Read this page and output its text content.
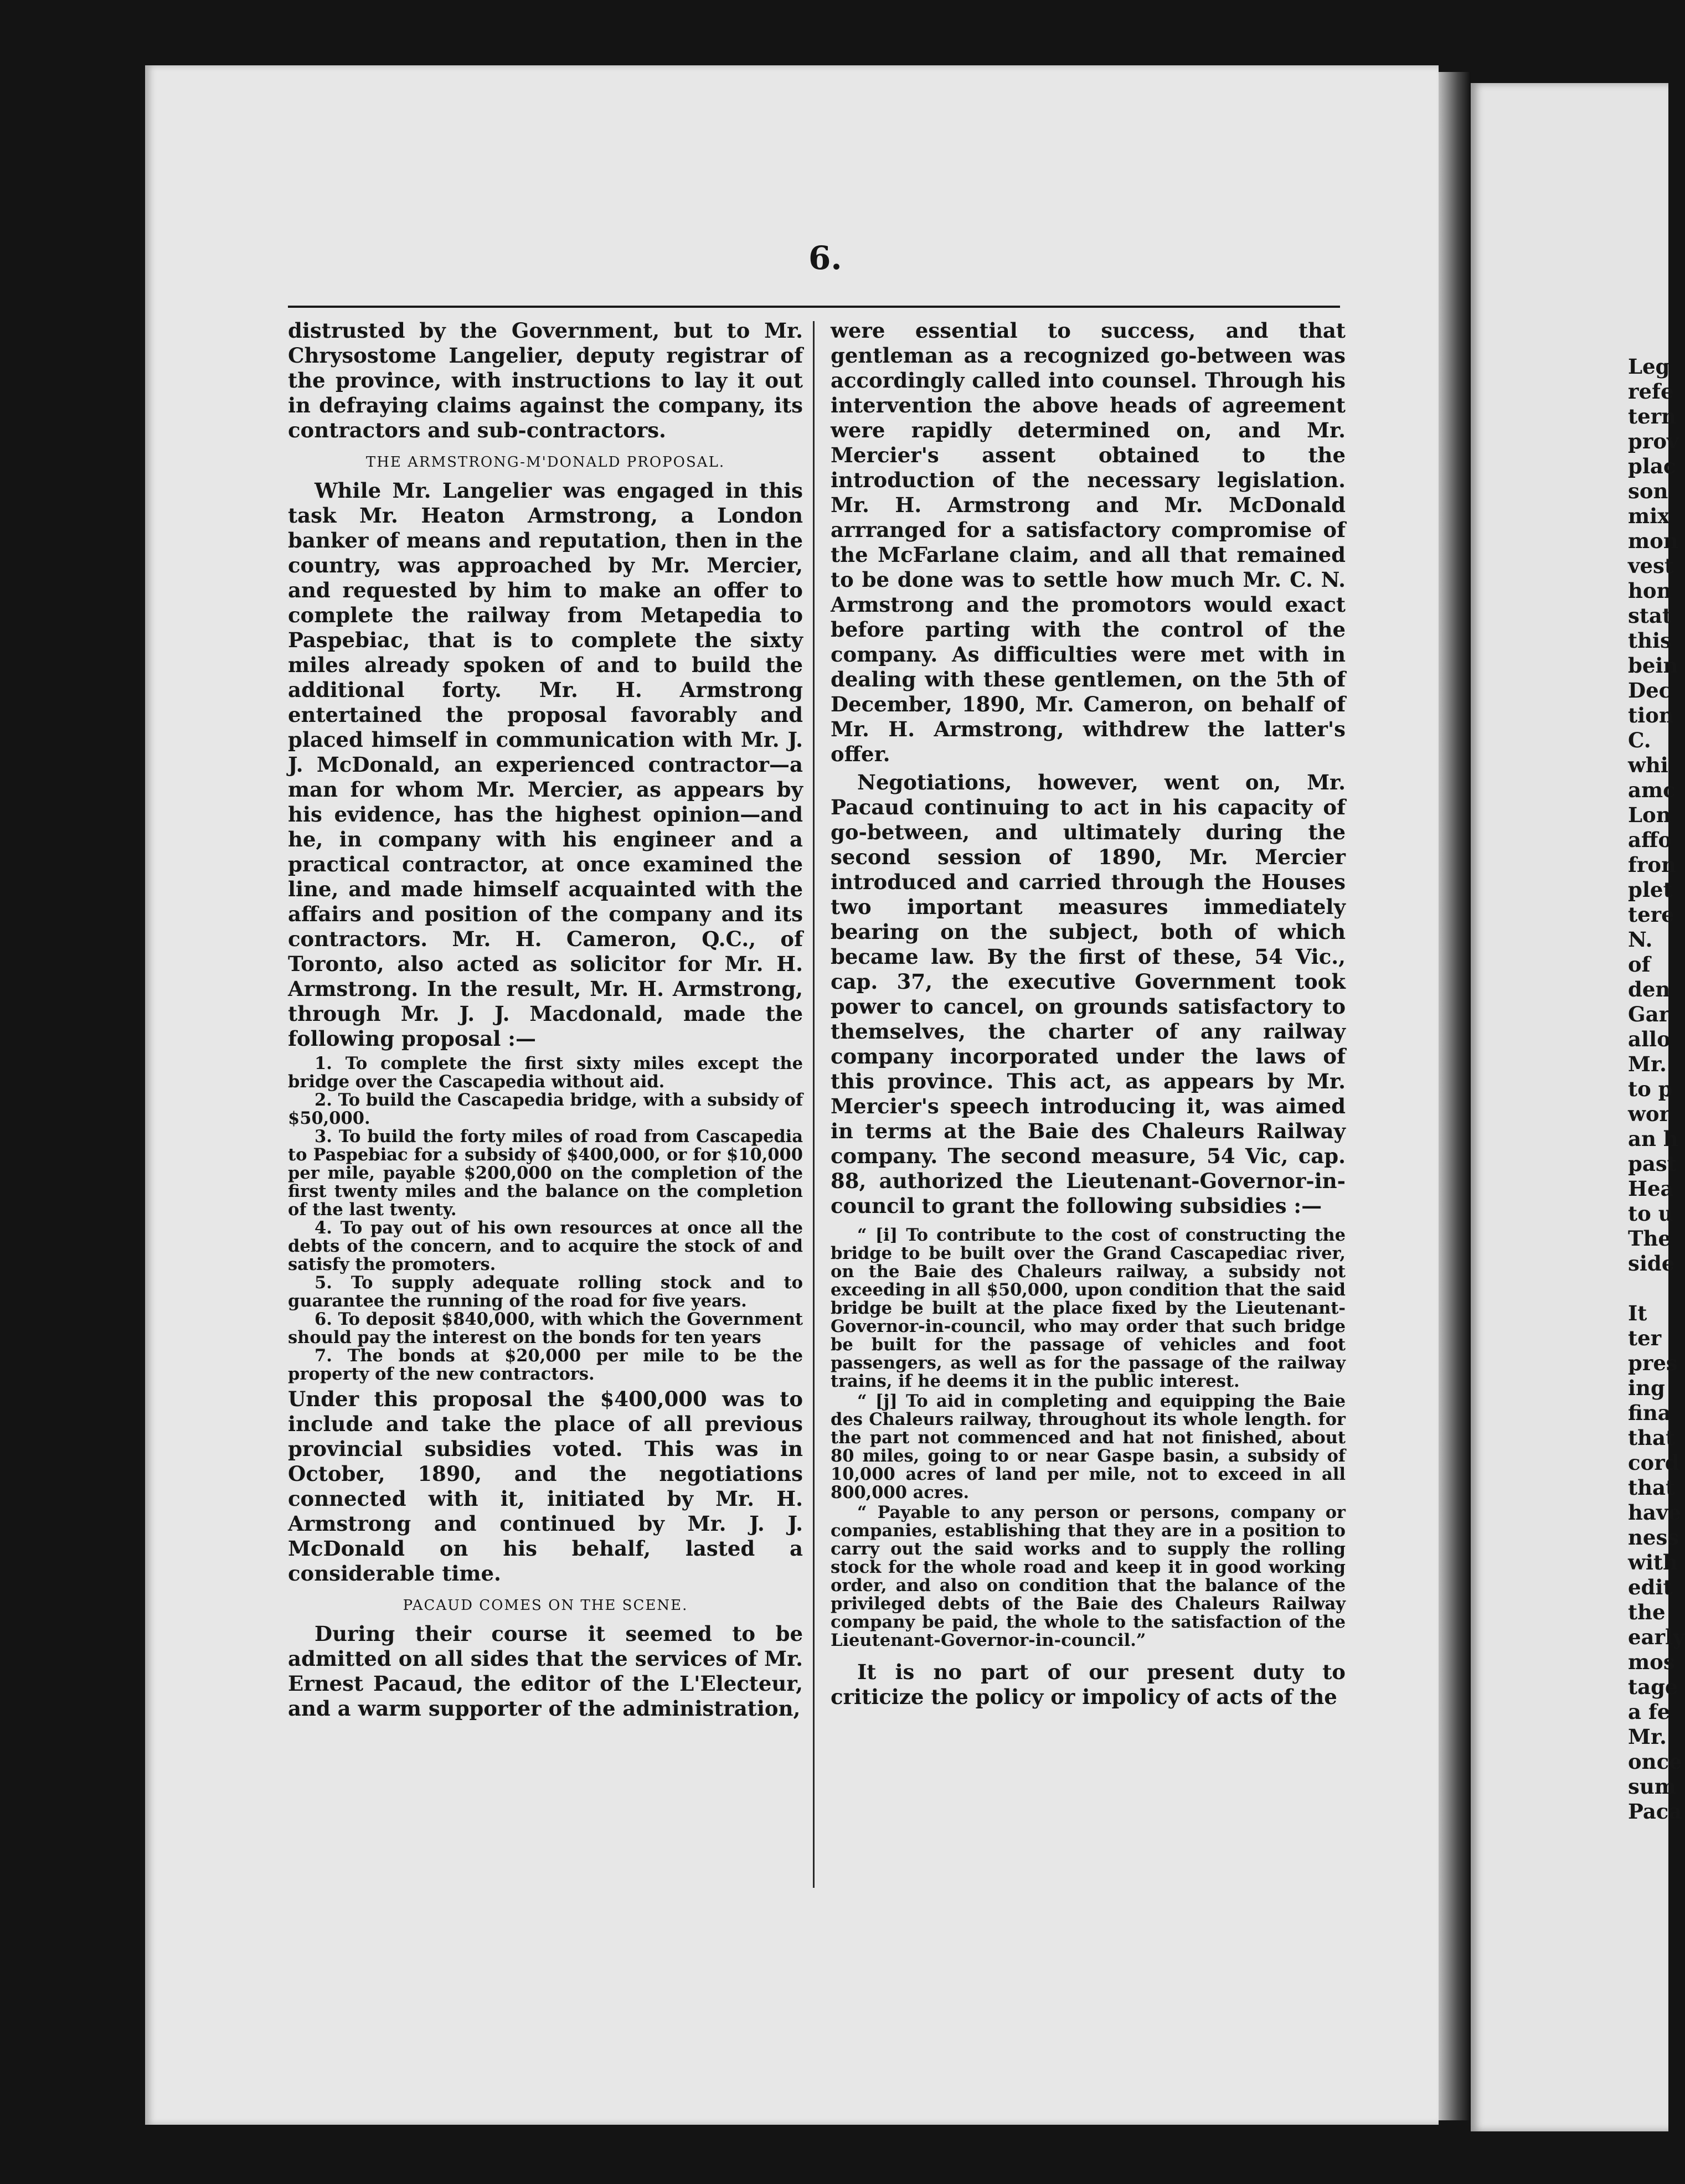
6.

distrusted by the Government, but to Mr. Chrysostome Langelier, deputy registrar of the province, with instructions to lay it out in defraying claims against the company, its contractors and sub-contractors.

THE ARMSTRONG-M'DONALD PROPOSAL.

While Mr. Langelier was engaged in this task Mr. Heaton Armstrong, a London banker of means and reputation, then in the country, was approached by Mr. Mercier, and requested by him to make an offer to complete the railway from Metapedia to Paspebiac, that is to complete the sixty miles already spoken of and to build the additional forty. Mr. H. Armstrong entertained the proposal favorably and placed himself in communication with Mr. J. J. McDonald, an experienced contractor—a man for whom Mr. Mercier, as appears by his evidence, has the highest opinion—and he, in company with his engineer and a practical contractor, at once examined the line, and made himself acquainted with the affairs and position of the company and its contractors. Mr. H. Cameron, Q.C., of Toronto, also acted as solicitor for Mr. H. Armstrong. In the result, Mr. H. Armstrong, through Mr. J. J. Macdonald, made the following proposal :—

1. To complete the first sixty miles except the bridge over the Cascapedia without aid.

2. To build the Cascapedia bridge, with a subsidy of $50,000.

3. To build the forty miles of road from Cascapedia to Paspebiac for a subsidy of $400,000, or for $10,000 per mile, payable $200,000 on the completion of the first twenty miles and the balance on the completion of the last twenty.

4. To pay out of his own resources at once all the debts of the concern, and to acquire the stock of and satisfy the promoters.

5. To supply adequate rolling stock and to guarantee the running of the road for five years.

6. To deposit $840,000, with which the Government should pay the interest on the bonds for ten years

7. The bonds at $20,000 per mile to be the property of the new contractors.

Under this proposal the $400,000 was to include and take the place of all previous provincial subsidies voted. This was in October, 1890, and the negotiations connected with it, initiated by Mr. H. Armstrong and continued by Mr. J. J. McDonald on his behalf, lasted a considerable time.

PACAUD COMES ON THE SCENE.

During their course it seemed to be admitted on all sides that the services of Mr. Ernest Pacaud, the editor of the L'Electeur, and a warm supporter of the administration,

were essential to success, and that gentleman as a recognized go-between was accordingly called into counsel. Through his intervention the above heads of agreement were rapidly determined on, and Mr. Mercier's assent obtained to the introduction of the necessary legislation. Mr. H. Armstrong and Mr. McDonald arrranged for a satisfactory compromise of the McFarlane claim, and all that remained to be done was to settle how much Mr. C. N. Armstrong and the promotors would exact before parting with the control of the company. As difficulties were met with in dealing with these gentlemen, on the 5th of December, 1890, Mr. Cameron, on behalf of Mr. H. Armstrong, withdrew the latter's offer.

Negotiations, however, went on, Mr. Pacaud continuing to act in his capacity of go-between, and ultimately during the second session of 1890, Mr. Mercier introduced and carried through the Houses two important measures immediately bearing on the subject, both of which became law. By the first of these, 54 Vic., cap. 37, the executive Government took power to cancel, on grounds satisfactory to themselves, the charter of any railway company incorporated under the laws of this province. This act, as appears by Mr. Mercier's speech introducing it, was aimed in terms at the Baie des Chaleurs Railway company. The second measure, 54 Vic, cap. 88, authorized the Lieutenant-Governor-in-council to grant the following subsidies :—

“ [i] To contribute to the cost of constructing the bridge to be built over the Grand Cascapediac river, on the Baie des Chaleurs railway, a subsidy not exceeding in all $50,000, upon condition that the said bridge be built at the place fixed by the Lieutenant-Governor-in-council, who may order that such bridge be built for the passage of vehicles and foot passengers, as well as for the passage of the railway trains, if he deems it in the public interest.

“ [j] To aid in completing and equipping the Baie des Chaleurs railway, throughout its whole length. for the part not commenced and hat not finished, about 80 miles, going to or near Gaspe basin, a subsidy of 10,000 acres of land per mile, not to exceed in all 800,000 acres.

“ Payable to any person or persons, company or companies, establishing that they are in a position to carry out the said works and to supply the rolling stock for the whole road and keep it in good working order, and also on condition that the balance of the privileged debts of the Baie des Chaleurs Railway company be paid, the whole to the satisfaction of the Lieutenant-Governor-in-council.”

It is no part of our present duty to criticize the policy or impolicy of acts of the

Leg
refe
tern
prov
plac
son
mix
mon
vest
hon
stat
this
bein
Dec
tion
C.
whi
amc
Lon
affo
fron
plet
tere
N.
of
den
Gar
allo
Mr.
to p
wor
an h
past
Hea
to u
The
side

It
ter
pres
ing
fina
that
cord
that
have
ness
with
edit
the
early
mos
tage
a fe
Mr.
once
sum
Paca
